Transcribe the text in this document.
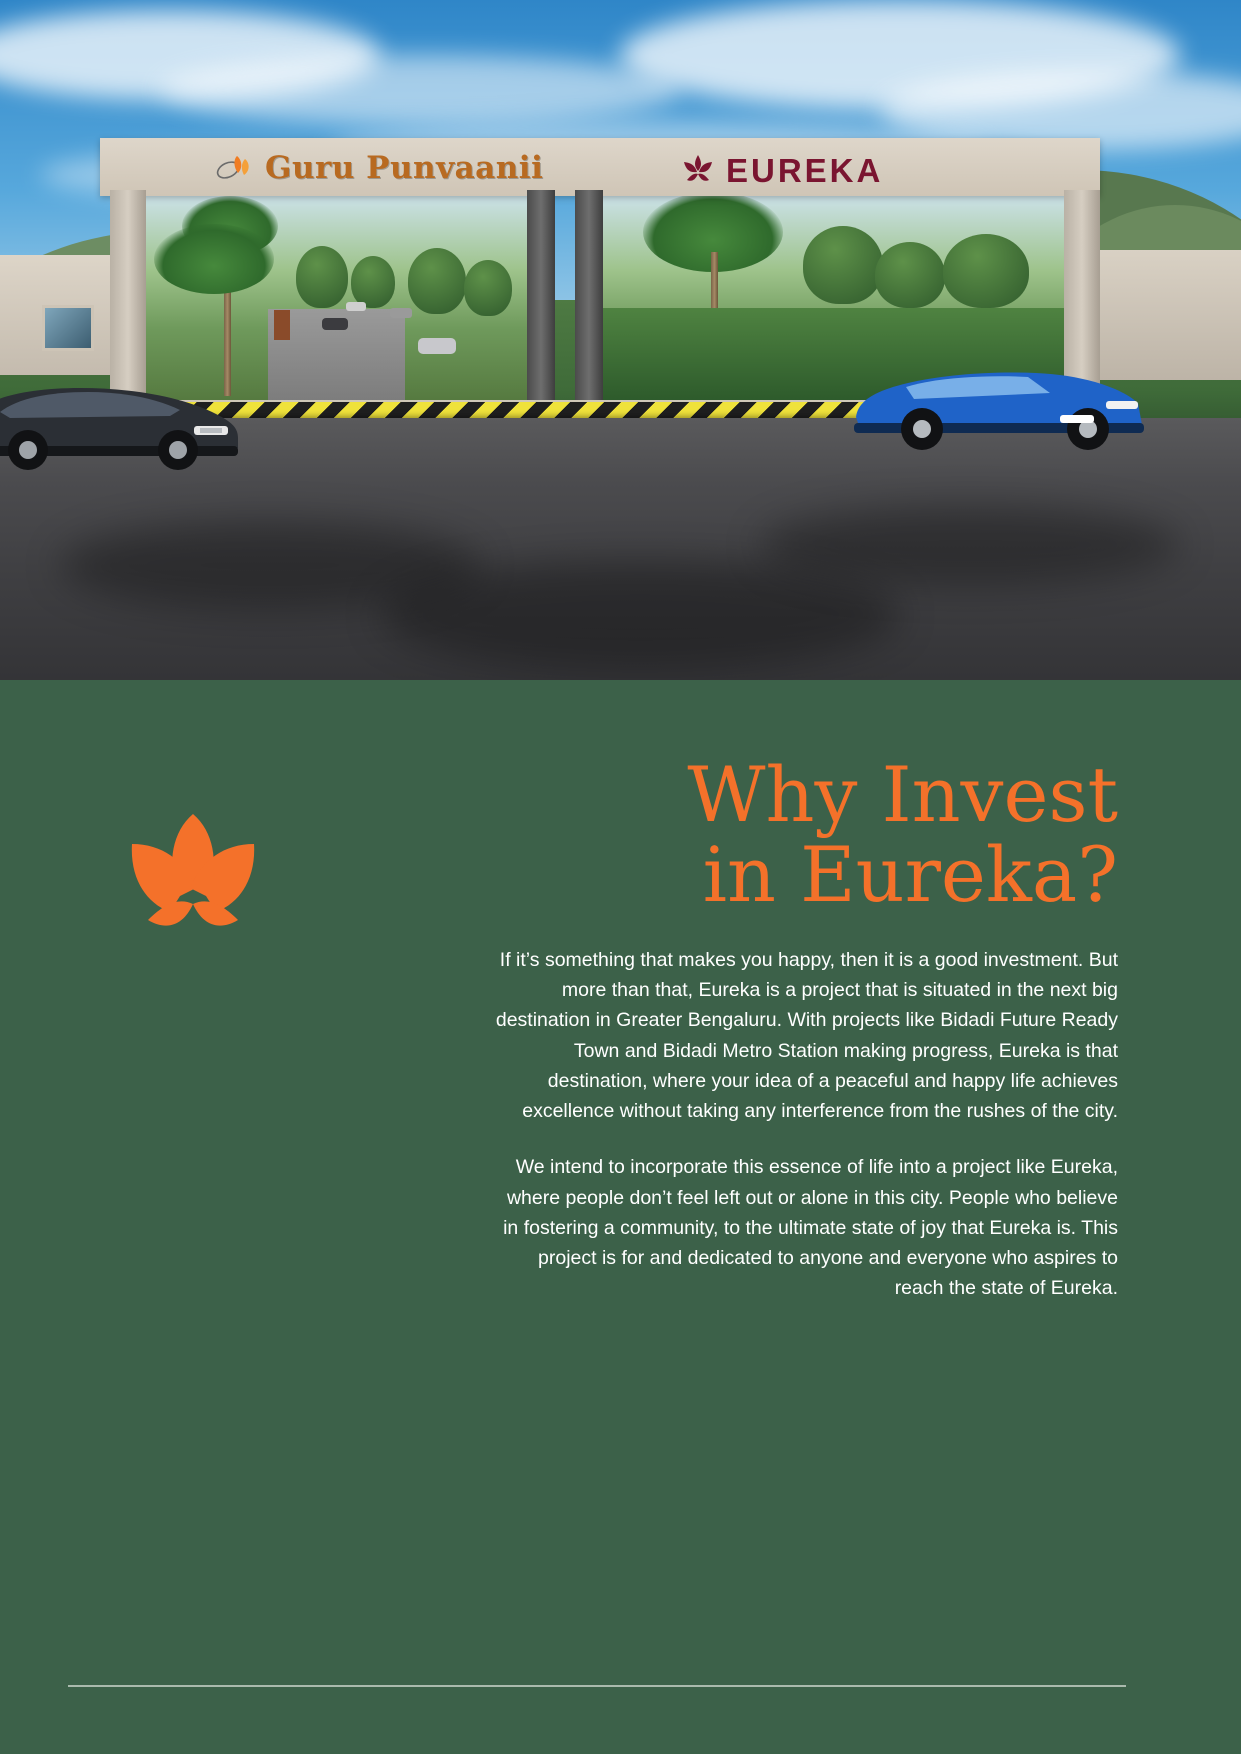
Guru Punvaanii	EUREKA
Why Invest
in Eureka?

If it’s something that makes you happy, then it is a good investment. But more than that, Eureka is a project that is situated in the next big destination in Greater Bengaluru. With projects like Bidadi Future Ready Town and Bidadi Metro Station making progress, Eureka is that destination, where your idea of a peaceful and happy life achieves excellence without taking any interference from the rushes of the city.

We intend to incorporate this essence of life into a project like Eureka, where people don’t feel left out or alone in this city. People who believe in fostering a community, to the ultimate state of joy that Eureka is. This project is for and dedicated to anyone and everyone who aspires to reach the state of Eureka.
